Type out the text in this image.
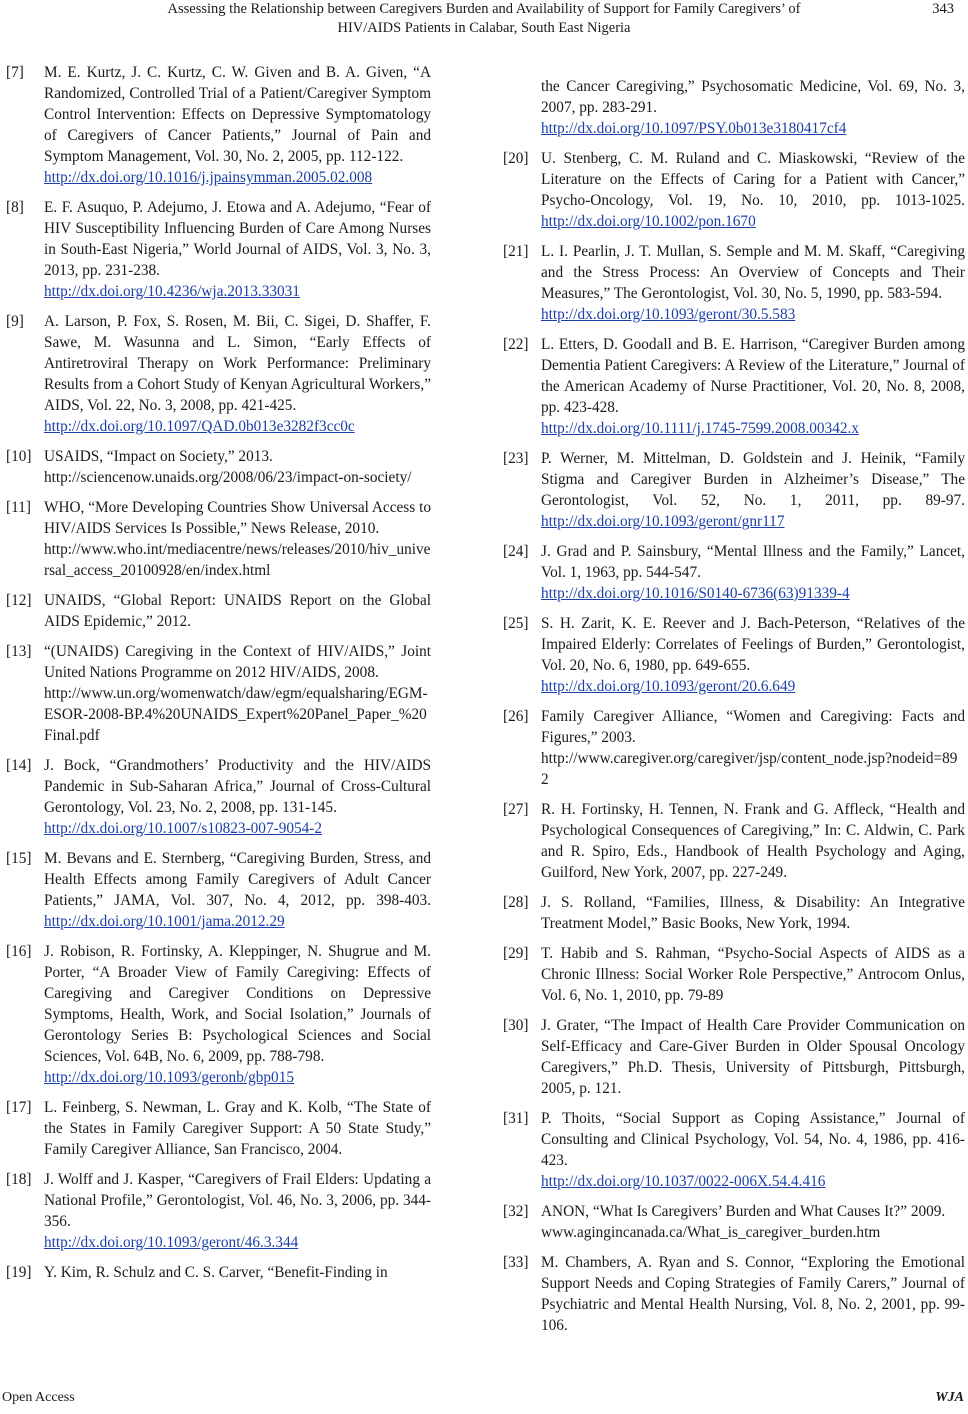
Assessing the Relationship between Caregivers Burden and Availability of Support for Family Caregivers’ of
HIV/AIDS Patients in Calabar, South East Nigeria
343
[7]	M. E. Kurtz, J. C. Kurtz, C. W. Given and B. A. Given, “A Randomized, Controlled Trial of a Patient/Caregiver Symptom Control Intervention: Effects on Depressive Symptomatology of Caregivers of Cancer Patients,” Journal of Pain and Symptom Management, Vol. 30, No. 2, 2005, pp. 112-122.
http://dx.doi.org/10.1016/j.jpainsymman.2005.02.008
[8]	E. F. Asuquo, P. Adejumo, J. Etowa and A. Adejumo, “Fear of HIV Susceptibility Influencing Burden of Care Among Nurses in South-East Nigeria,” World Journal of AIDS, Vol. 3, No. 3, 2013, pp. 231-238.
http://dx.doi.org/10.4236/wja.2013.33031
[9]	A. Larson, P. Fox, S. Rosen, M. Bii, C. Sigei, D. Shaffer, F. Sawe, M. Wasunna and L. Simon, “Early Effects of Antiretroviral Therapy on Work Performance: Preliminary Results from a Cohort Study of Kenyan Agricultural Workers,” AIDS, Vol. 22, No. 3, 2008, pp. 421-425.
http://dx.doi.org/10.1097/QAD.0b013e3282f3cc0c
[10] USAIDS, “Impact on Society,” 2013.
http://sciencenow.unaids.org/2008/06/23/impact-on-society/
[11] WHO, “More Developing Countries Show Universal Access to HIV/AIDS Services Is Possible,” News Release, 2010.
http://www.who.int/mediacentre/news/releases/2010/hiv_universal_access_20100928/en/index.html
[12] UNAIDS, “Global Report: UNAIDS Report on the Global AIDS Epidemic,” 2012.
[13] “(UNAIDS) Caregiving in the Context of HIV/AIDS,” Joint United Nations Programme on 2012 HIV/AIDS, 2008.
http://www.un.org/womenwatch/daw/egm/equalsharing/EGM-ESOR-2008-BP.4%20UNAIDS_Expert%20Panel_Paper_%20Final.pdf
[14] J. Bock, “Grandmothers’ Productivity and the HIV/AIDS Pandemic in Sub-Saharan Africa,” Journal of Cross-Cultural Gerontology, Vol. 23, No. 2, 2008, pp. 131-145.
http://dx.doi.org/10.1007/s10823-007-9054-2
[15] M. Bevans and E. Sternberg, “Caregiving Burden, Stress, and Health Effects among Family Caregivers of Adult Cancer Patients,” JAMA, Vol. 307, No. 4, 2012, pp. 398-403. http://dx.doi.org/10.1001/jama.2012.29
[16] J. Robison, R. Fortinsky, A. Kleppinger, N. Shugrue and M. Porter, “A Broader View of Family Caregiving: Effects of Caregiving and Caregiver Conditions on Depressive Symptoms, Health, Work, and Social Isolation,” Journals of Gerontology Series B: Psychological Sciences and Social Sciences, Vol. 64B, No. 6, 2009, pp. 788-798.
http://dx.doi.org/10.1093/geronb/gbp015
[17] L. Feinberg, S. Newman, L. Gray and K. Kolb, “The State of the States in Family Caregiver Support: A 50 State Study,” Family Caregiver Alliance, San Francisco, 2004.
[18] J. Wolff and J. Kasper, “Caregivers of Frail Elders: Updating a National Profile,” Gerontologist, Vol. 46, No. 3, 2006, pp. 344-356.
http://dx.doi.org/10.1093/geront/46.3.344
[19] Y. Kim, R. Schulz and C. S. Carver, “Benefit-Finding in
the Cancer Caregiving,” Psychosomatic Medicine, Vol. 69, No. 3, 2007, pp. 283-291.
http://dx.doi.org/10.1097/PSY.0b013e3180417cf4
[20] U. Stenberg, C. M. Ruland and C. Miaskowski, “Review of the Literature on the Effects of Caring for a Patient with Cancer,” Psycho-Oncology, Vol. 19, No. 10, 2010, pp. 1013-1025. http://dx.doi.org/10.1002/pon.1670
[21] L. I. Pearlin, J. T. Mullan, S. Semple and M. M. Skaff, “Caregiving and the Stress Process: An Overview of Concepts and Their Measures,” The Gerontologist, Vol. 30, No. 5, 1990, pp. 583-594.
http://dx.doi.org/10.1093/geront/30.5.583
[22] L. Etters, D. Goodall and B. E. Harrison, “Caregiver Burden among Dementia Patient Caregivers: A Review of the Literature,” Journal of the American Academy of Nurse Practitioner, Vol. 20, No. 8, 2008, pp. 423-428.
http://dx.doi.org/10.1111/j.1745-7599.2008.00342.x
[23] P. Werner, M. Mittelman, D. Goldstein and J. Heinik, “Family Stigma and Caregiver Burden in Alzheimer’s Disease,” The Gerontologist, Vol. 52, No. 1, 2011, pp. 89-97. http://dx.doi.org/10.1093/geront/gnr117
[24] J. Grad and P. Sainsbury, “Mental Illness and the Family,” Lancet, Vol. 1, 1963, pp. 544-547.
http://dx.doi.org/10.1016/S0140-6736(63)91339-4
[25] S. H. Zarit, K. E. Reever and J. Bach-Peterson, “Relatives of the Impaired Elderly: Correlates of Feelings of Burden,” Gerontologist, Vol. 20, No. 6, 1980, pp. 649-655.
http://dx.doi.org/10.1093/geront/20.6.649
[26] Family Caregiver Alliance, “Women and Caregiving: Facts and Figures,” 2003.
http://www.caregiver.org/caregiver/jsp/content_node.jsp?nodeid=892
[27] R. H. Fortinsky, H. Tennen, N. Frank and G. Affleck, “Health and Psychological Consequences of Caregiving,” In: C. Aldwin, C. Park and R. Spiro, Eds., Handbook of Health Psychology and Aging, Guilford, New York, 2007, pp. 227-249.
[28] J. S. Rolland, “Families, Illness, & Disability: An Integrative Treatment Model,” Basic Books, New York, 1994.
[29] T. Habib and S. Rahman, “Psycho-Social Aspects of AIDS as a Chronic Illness: Social Worker Role Perspective,” Antrocom Onlus, Vol. 6, No. 1, 2010, pp. 79-89
[30] J. Grater, “The Impact of Health Care Provider Communication on Self-Efficacy and Care-Giver Burden in Older Spousal Oncology Caregivers,” Ph.D. Thesis, University of Pittsburgh, Pittsburgh, 2005, p. 121.
[31] P. Thoits, “Social Support as Coping Assistance,” Journal of Consulting and Clinical Psychology, Vol. 54, No. 4, 1986, pp. 416-423.
http://dx.doi.org/10.1037/0022-006X.54.4.416
[32] ANON, “What Is Caregivers’ Burden and What Causes It?” 2009.
www.agingincanada.ca/What_is_caregiver_burden.htm
[33] M. Chambers, A. Ryan and S. Connor, “Exploring the Emotional Support Needs and Coping Strategies of Family Carers,” Journal of Psychiatric and Mental Health Nursing, Vol. 8, No. 2, 2001, pp. 99-106.
Open Access	WJA
